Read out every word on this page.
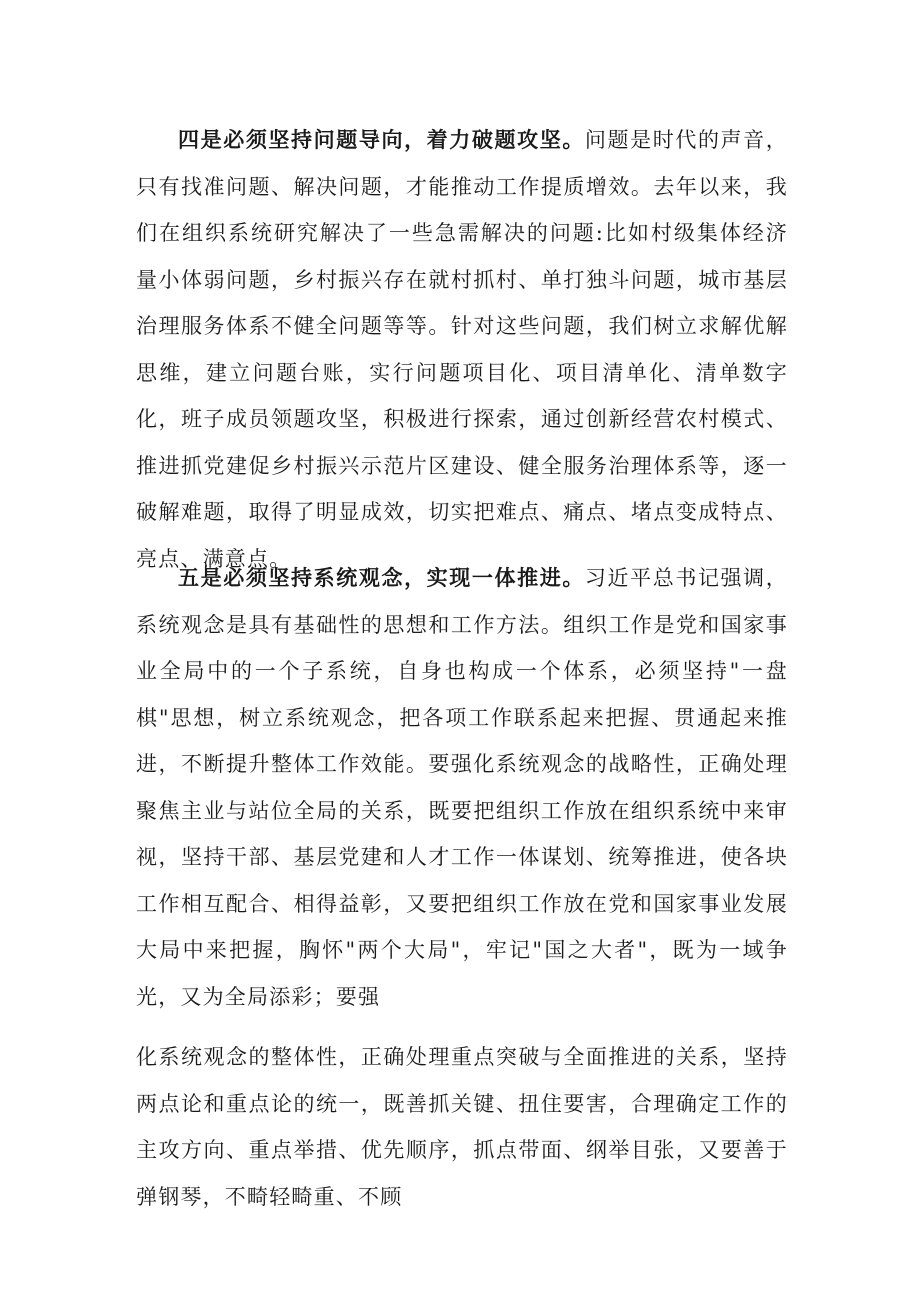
四是必须坚持问题导向，着力破题攻坚。问题是时代的声音，只有找准问题、解决问题，才能推动工作提质增效。去年以来，我们在组织系统研究解决了一些急需解决的问题:比如村级集体经济量小体弱问题，乡村振兴存在就村抓村、单打独斗问题，城市基层治理服务体系不健全问题等等。针对这些问题，我们树立求解优解思维，建立问题台账，实行问题项目化、项目清单化、清单数字化，班子成员领题攻坚，积极进行探索，通过创新经营农村模式、推进抓党建促乡村振兴示范片区建设、健全服务治理体系等，逐一破解难题，取得了明显成效，切实把难点、痛点、堵点变成特点、亮点、满意点。

五是必须坚持系统观念，实现一体推进。习近平总书记强调，系统观念是具有基础性的思想和工作方法。组织工作是党和国家事业全局中的一个子系统，自身也构成一个体系，必须坚持"一盘棋"思想，树立系统观念，把各项工作联系起来把握、贯通起来推进，不断提升整体工作效能。要强化系统观念的战略性，正确处理聚焦主业与站位全局的关系，既要把组织工作放在组织系统中来审视，坚持干部、基层党建和人才工作一体谋划、统筹推进，使各块工作相互配合、相得益彰，又要把组织工作放在党和国家事业发展大局中来把握，胸怀"两个大局"，牢记"国之大者"，既为一域争光，又为全局添彩；要强

化系统观念的整体性，正确处理重点突破与全面推进的关系，坚持两点论和重点论的统一，既善抓关键、扭住要害，合理确定工作的主攻方向、重点举措、优先顺序，抓点带面、纲举目张，又要善于弹钢琴，不畸轻畸重、不顾
